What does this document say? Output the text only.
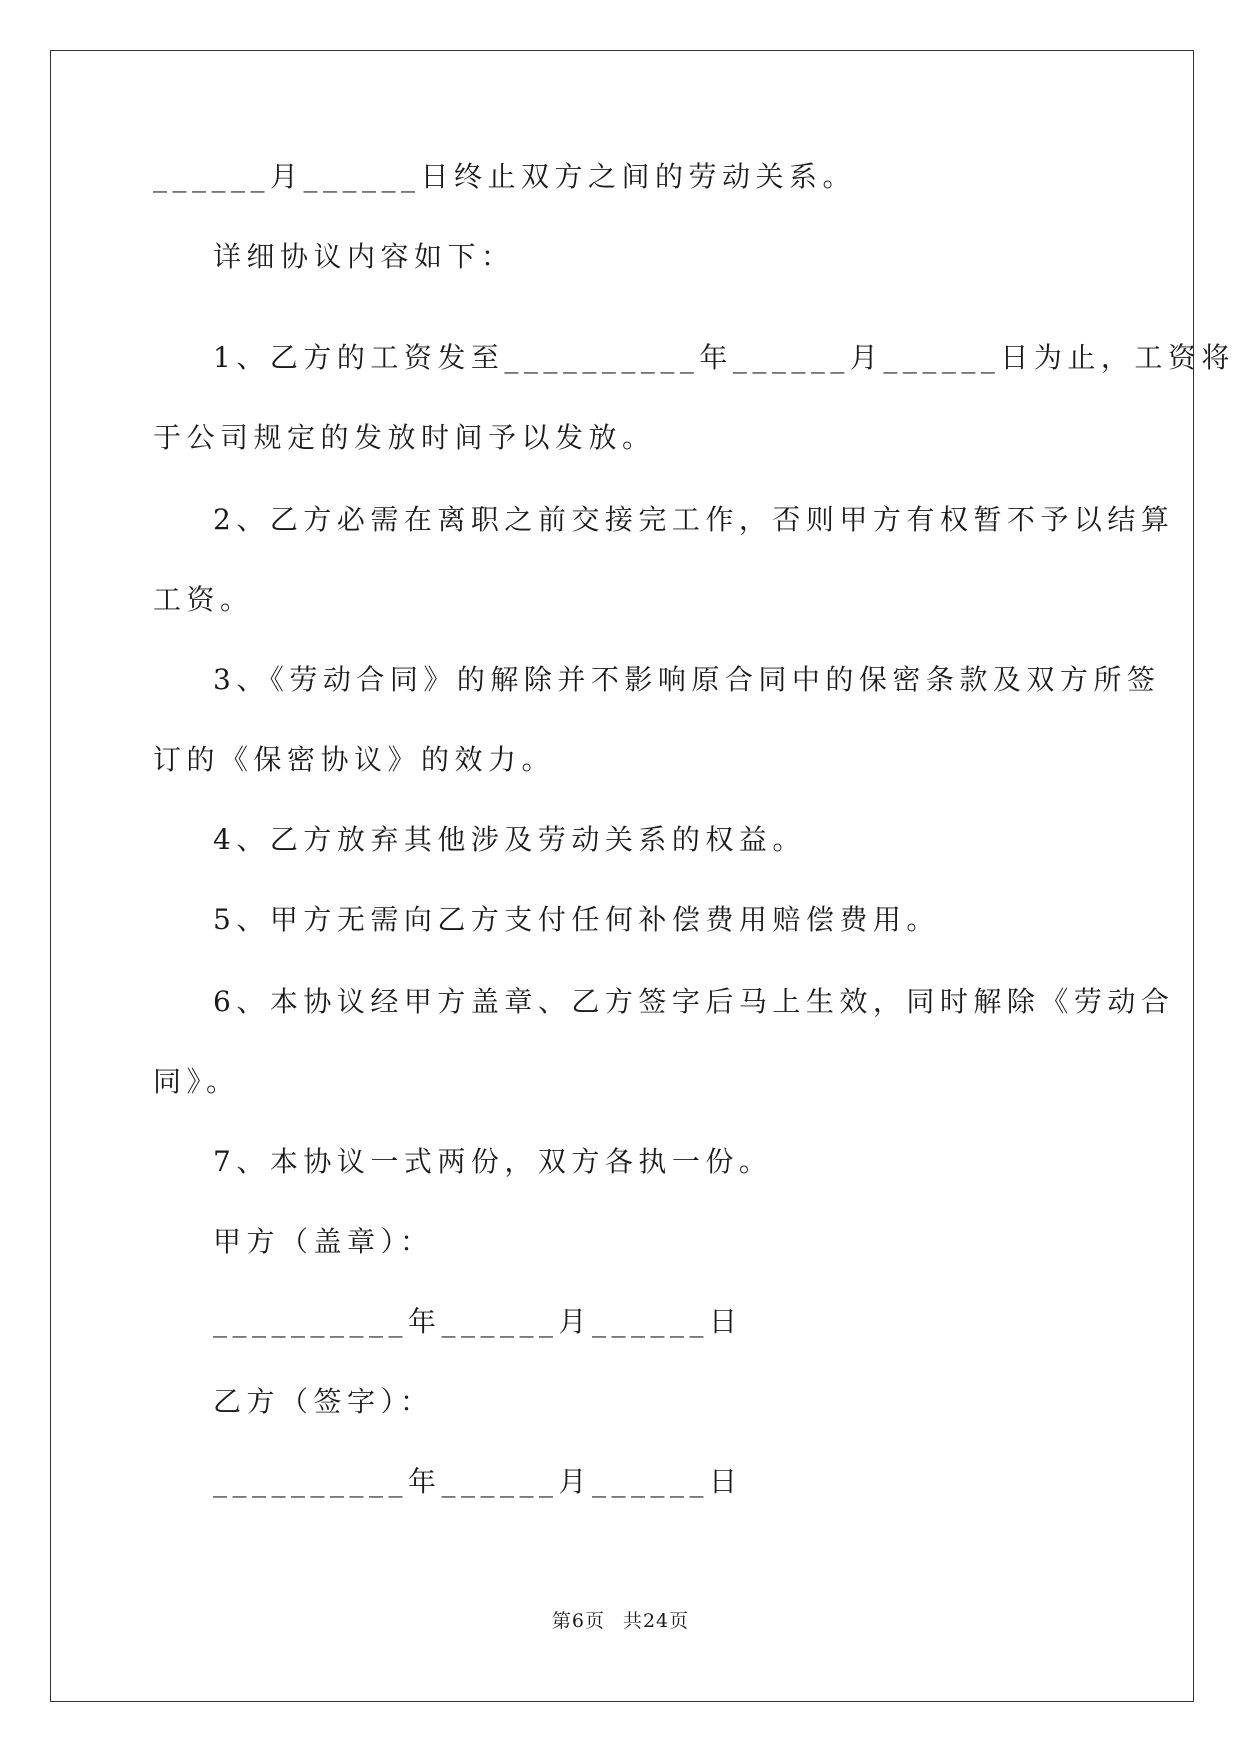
______月______日终止双方之间的劳动关系。
详细协议内容如下：
1、乙方的工资发至__________年______月______日为止，工资将
于公司规定的发放时间予以发放。
2、乙方必需在离职之前交接完工作，否则甲方有权暂不予以结算
工资。
3、《劳动合同》的解除并不影响原合同中的保密条款及双方所签
订的《保密协议》的效力。
4、乙方放弃其他涉及劳动关系的权益。
5、甲方无需向乙方支付任何补偿费用赔偿费用。
6、本协议经甲方盖章、乙方签字后马上生效，同时解除《劳动合
同》。
7、本协议一式两份，双方各执一份。
甲方（盖章）：
__________年______月______日
乙方（签字）：
__________年______月______日
第6页 共24页
